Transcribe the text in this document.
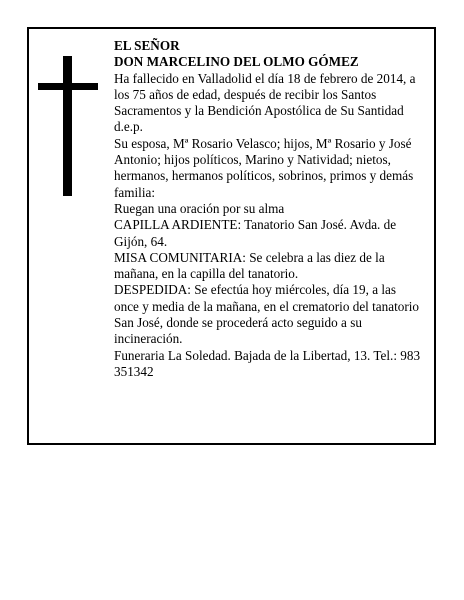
EL SEÑOR

DON MARCELINO DEL OLMO GÓMEZ

Ha fallecido en Valladolid el día 18 de febrero de 2014, a los 75 años de edad, después de recibir los Santos Sacramentos y la Bendición Apostólica de Su Santidad d.e.p.

Su esposa, Mª Rosario Velasco; hijos, Mª Rosario y José Antonio; hijos políticos, Marino y Natividad; nietos, hermanos, hermanos políticos, sobrinos, primos y demás familia:

Ruegan una oración por su alma

CAPILLA ARDIENTE: Tanatorio San José. Avda. de Gijón, 64.

MISA COMUNITARIA: Se celebra a las diez de la mañana, en la capilla del tanatorio.

DESPEDIDA: Se efectúa hoy miércoles, día 19, a las once y media de la mañana, en el crematorio del tanatorio San José, donde se procederá acto seguido a su incineración.

Funeraria La Soledad. Bajada de la Libertad, 13. Tel.: 983 351342
